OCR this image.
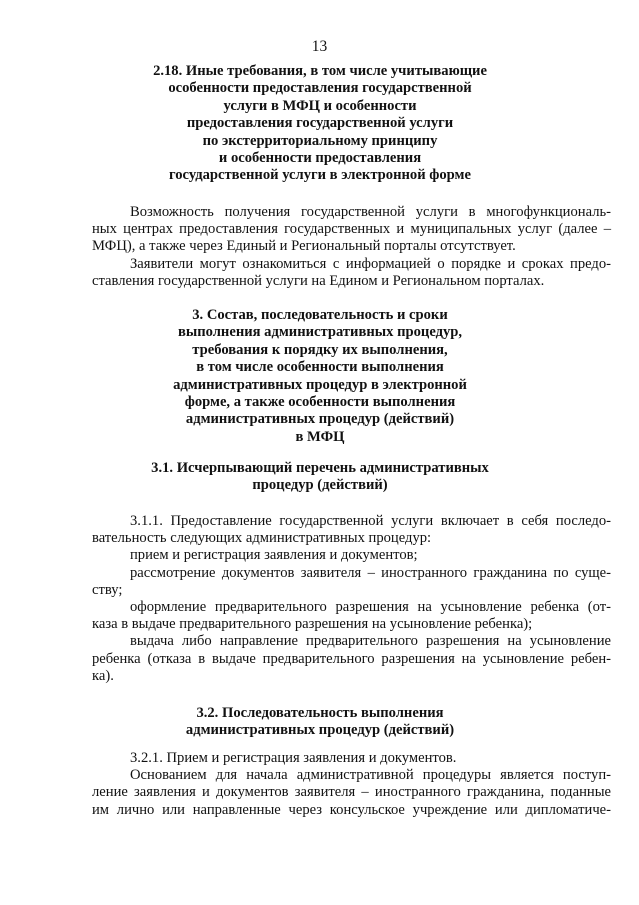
13
2.18. Иные требования, в том числе учитывающие
особенности предоставления государственной
услуги в МФЦ и особенности
предоставления государственной услуги
по экстерриториальному принципу
и особенности предоставления
государственной услуги в электронной форме
Возможность получения государственной услуги в многофункциональ-
ных центрах предоставления государственных и муниципальных услуг (далее –
МФЦ), а также через Единый и Региональный порталы отсутствует.
Заявители могут ознакомиться с информацией о порядке и сроках предо-
ставления государственной услуги на Едином и Региональном порталах.
3. Состав, последовательность и сроки
выполнения административных процедур,
требования к порядку их выполнения,
в том числе особенности выполнения
административных процедур в электронной
форме, а также особенности выполнения
административных процедур (действий)
в МФЦ
3.1. Исчерпывающий перечень административных
процедур (действий)
3.1.1. Предоставление государственной услуги включает в себя последо-
вательность следующих административных процедур:
прием и регистрация заявления и документов;
рассмотрение документов заявителя – иностранного гражданина по суще-
ству;
оформление предварительного разрешения на усыновление ребенка (от-
каза в выдаче предварительного разрешения на усыновление ребенка);
выдача либо направление предварительного разрешения на усыновление
ребенка (отказа в выдаче предварительного разрешения на усыновление ребен-
ка).
3.2. Последовательность выполнения
административных процедур (действий)
3.2.1. Прием и регистрация заявления и документов.
Основанием для начала административной процедуры является поступ-
ление заявления и документов заявителя – иностранного гражданина, поданные
им лично или направленные через консульское учреждение или дипломатиче-
